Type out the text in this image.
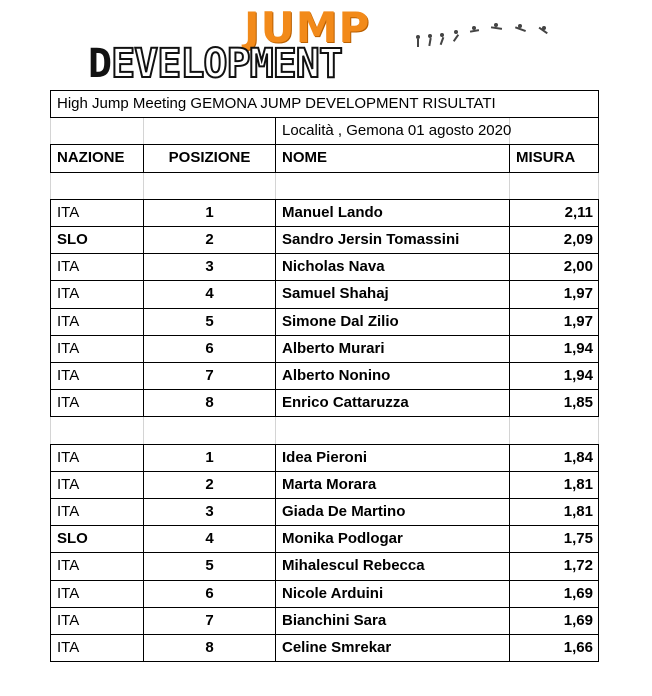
JUMP
DEVELOPMENT
High Jump Meeting GEMONA JUMP DEVELOPMENT RISULTATI
Località , Gemona 01 agosto 2020
NAZIONE	POSIZIONE	NOME	MISURA
ITA	1	Manuel Lando	2,11
SLO	2	Sandro Jersin Tomassini	2,09
ITA	3	Nicholas Nava	2,00
ITA	4	Samuel Shahaj	1,97
ITA	5	Simone Dal Zilio	1,97
ITA	6	Alberto Murari	1,94
ITA	7	Alberto Nonino	1,94
ITA	8	Enrico Cattaruzza	1,85
ITA	1	Idea Pieroni	1,84
ITA	2	Marta Morara	1,81
ITA	3	Giada De Martino	1,81
SLO	4	Monika Podlogar	1,75
ITA	5	Mihalescul Rebecca	1,72
ITA	6	Nicole Arduini	1,69
ITA	7	Bianchini Sara	1,69
ITA	8	Celine Smrekar	1,66
